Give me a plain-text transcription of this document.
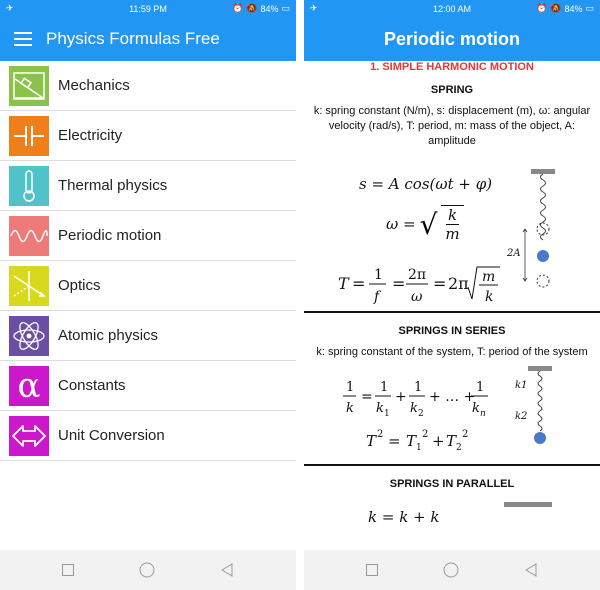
✈	11:59 PM	⏰ 🔕 84% ▭
Physics Formulas Free
Mechanics
Electricity
Thermal physics
Periodic motion
Optics
Atomic physics
α Constants
Unit Conversion
✈	12:00 AM	⏰ 🔕 84% ▭
Periodic motion
1. SIMPLE HARMONIC MOTION
SPRING
k: spring constant (N/m), s: displacement (m), ω: angular velocity (rad/s), T: period, m: mass of the object, A: amplitude
s = A cos(ωt + φ)
ω = √ $\frac{k}{m}$
T = 1
f
= 2π
ω
= 2π m
k
2A
SPRINGS IN SERIES
k: spring constant of the system, T: period of the system
1
k
=
1
k 1
+
1
k 2
+ … +
1
k n
T 2 = T 1
2 + T 2
2
k1
k2
SPRINGS IN PARALLEL
k = k + k
